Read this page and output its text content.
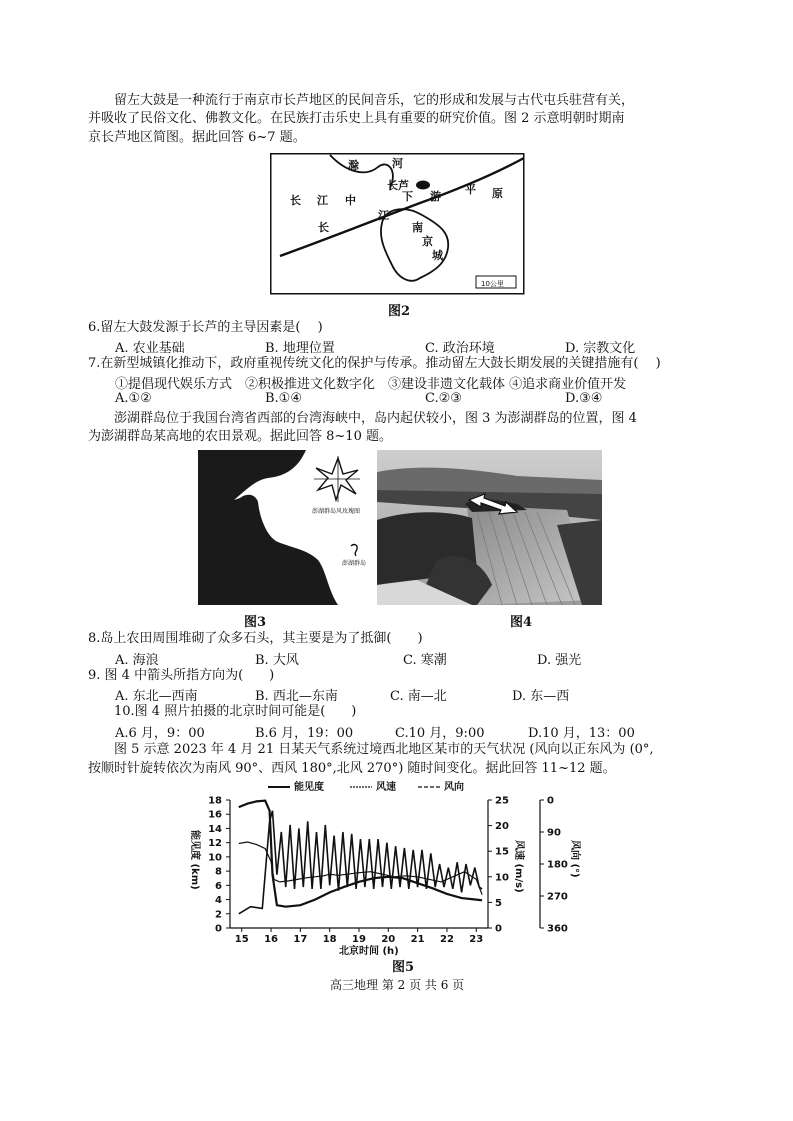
留左大鼓是一种流行于南京市长芦地区的民间音乐，它的形成和发展与古代屯兵驻营有关，
并吸收了民俗文化、佛教文化。在民族打击乐史上具有重要的研究价值。图 2 示意明朝时期南
京长芦地区简图。据此回答 6~7 题。
滁	河
长芦
长 江 中	下 游
平 原
南
京
城
长
江
10公里
图2
6.留左大鼓发源于长芦的主导因素是(　 )
A. 农业基础	B. 地理位置	C. 政治环境	D. 宗教文化
7.在新型城镇化推动下，政府重视传统文化的保护与传承。推动留左大鼓长期发展的关键措施有(　 )
①提倡现代娱乐方式　②积极推进文化数字化　③建设非遗文化载体 ④追求商业价值开发
A.①②	B.①④	C.②③	D.③④
澎湖群岛位于我国台湾省西部的台湾海峡中，岛内起伏较小，图 3 为澎湖群岛的位置，图 4
为澎湖群岛某高地的农田景观。据此回答 8~10 题。
澎湖群岛风玫瑰图
澎湖群岛
图3	图4
8.岛上农田周围堆砌了众多石头，其主要是为了抵御(　　)
A. 海浪	B. 大风	C. 寒潮	D. 强光
9. 图 4 中箭头所指方向为(　　)
A. 东北—西南	B. 西北—东南	C. 南—北	D. 东—西
10.图 4 照片拍摄的北京时间可能是(　　)
A.6 月，9：00	B.6 月，19：00	C.10 月，9:00	D.10 月，13：00
图 5 示意 2023 年 4 月 21 日某天气系统过境西北地区某市的天气状况 (风向以正东风为 (0°,
按顺时针旋转依次为南风 90°、西风 180°,北风 270°) 随时间变化。据此回答 11~12 题。
能见度	风速	风向
0
2
4
6
8
10
12
14
16
18
0
5
10
15
20
25	0
90
180
270
360
15 16 17 18 19 20 21 22 23
能见度 (km)	风速 (m/s)	风向 (°)
北京时间 (h)
图5
高三地理 第 2 页 共 6 页
